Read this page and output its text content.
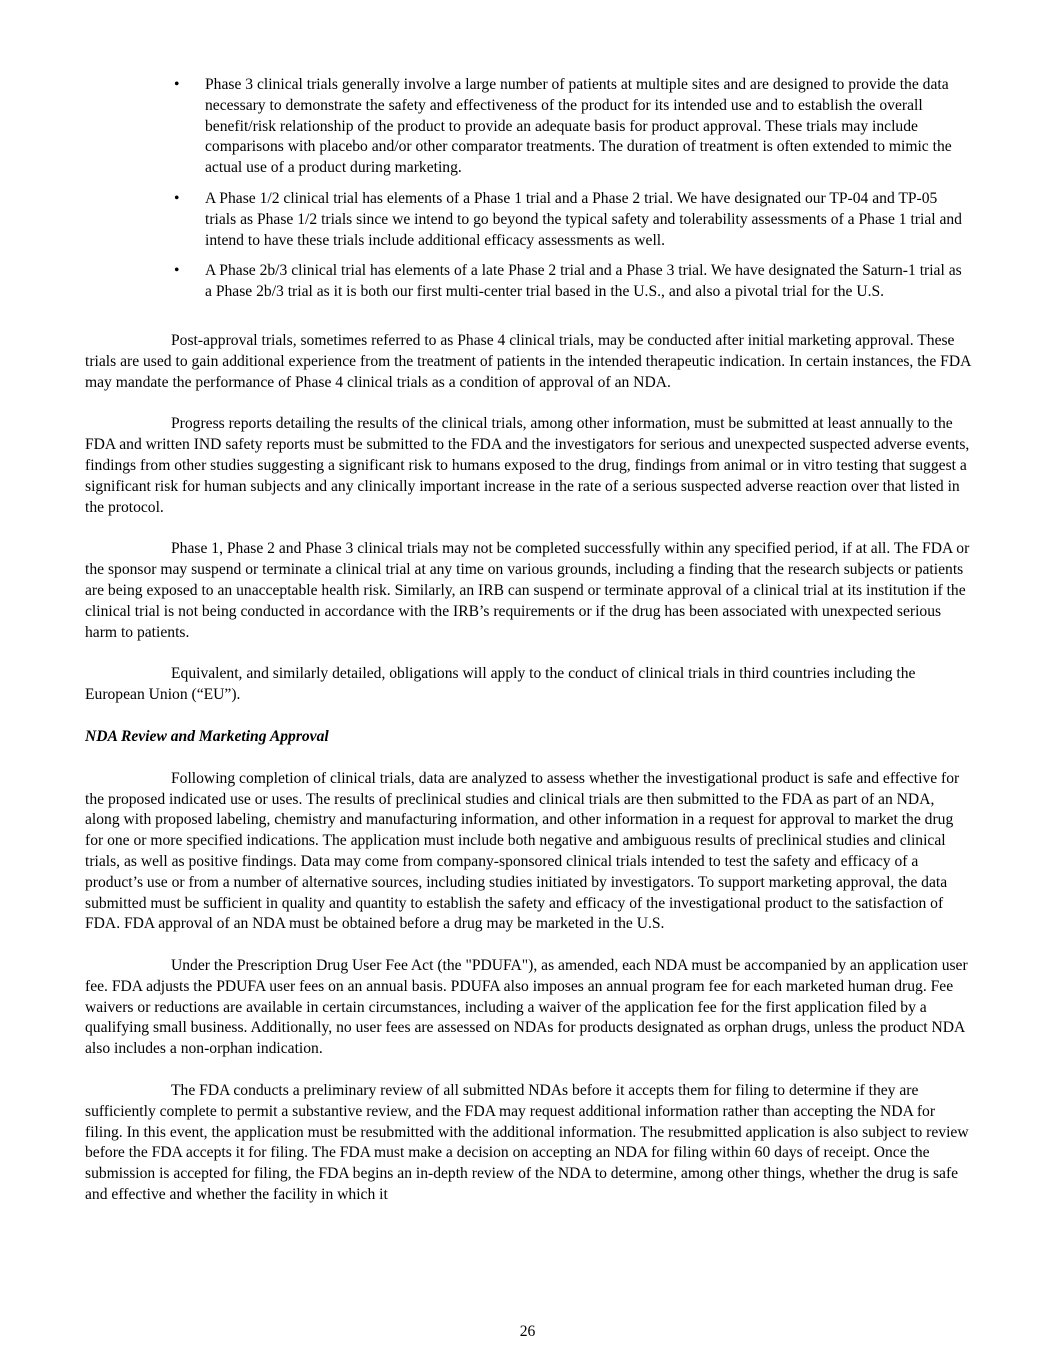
• Phase 3 clinical trials generally involve a large number of patients at multiple sites and are designed to provide the data necessary to demonstrate the safety and effectiveness of the product for its intended use and to establish the overall benefit/risk relationship of the product to provide an adequate basis for product approval. These trials may include comparisons with placebo and/or other comparator treatments. The duration of treatment is often extended to mimic the actual use of a product during marketing.
• A Phase 1/2 clinical trial has elements of a Phase 1 trial and a Phase 2 trial. We have designated our TP-04 and TP-05 trials as Phase 1/2 trials since we intend to go beyond the typical safety and tolerability assessments of a Phase 1 trial and intend to have these trials include additional efficacy assessments as well.
• A Phase 2b/3 clinical trial has elements of a late Phase 2 trial and a Phase 3 trial. We have designated the Saturn-1 trial as a Phase 2b/3 trial as it is both our first multi-center trial based in the U.S., and also a pivotal trial for the U.S.

Post-approval trials, sometimes referred to as Phase 4 clinical trials, may be conducted after initial marketing approval. These trials are used to gain additional experience from the treatment of patients in the intended therapeutic indication. In certain instances, the FDA may mandate the performance of Phase 4 clinical trials as a condition of approval of an NDA.

Progress reports detailing the results of the clinical trials, among other information, must be submitted at least annually to the FDA and written IND safety reports must be submitted to the FDA and the investigators for serious and unexpected suspected adverse events, findings from other studies suggesting a significant risk to humans exposed to the drug, findings from animal or in vitro testing that suggest a significant risk for human subjects and any clinically important increase in the rate of a serious suspected adverse reaction over that listed in the protocol.

Phase 1, Phase 2 and Phase 3 clinical trials may not be completed successfully within any specified period, if at all. The FDA or the sponsor may suspend or terminate a clinical trial at any time on various grounds, including a finding that the research subjects or patients are being exposed to an unacceptable health risk. Similarly, an IRB can suspend or terminate approval of a clinical trial at its institution if the clinical trial is not being conducted in accordance with the IRB’s requirements or if the drug has been associated with unexpected serious harm to patients.

Equivalent, and similarly detailed, obligations will apply to the conduct of clinical trials in third countries including the European Union (“EU”).

NDA Review and Marketing Approval

Following completion of clinical trials, data are analyzed to assess whether the investigational product is safe and effective for the proposed indicated use or uses. The results of preclinical studies and clinical trials are then submitted to the FDA as part of an NDA, along with proposed labeling, chemistry and manufacturing information, and other information in a request for approval to market the drug for one or more specified indications. The application must include both negative and ambiguous results of preclinical studies and clinical trials, as well as positive findings. Data may come from company-sponsored clinical trials intended to test the safety and efficacy of a product’s use or from a number of alternative sources, including studies initiated by investigators. To support marketing approval, the data submitted must be sufficient in quality and quantity to establish the safety and efficacy of the investigational product to the satisfaction of FDA. FDA approval of an NDA must be obtained before a drug may be marketed in the U.S.

Under the Prescription Drug User Fee Act (the "PDUFA"), as amended, each NDA must be accompanied by an application user fee. FDA adjusts the PDUFA user fees on an annual basis. PDUFA also imposes an annual program fee for each marketed human drug. Fee waivers or reductions are available in certain circumstances, including a waiver of the application fee for the first application filed by a qualifying small business. Additionally, no user fees are assessed on NDAs for products designated as orphan drugs, unless the product NDA also includes a non-orphan indication.

The FDA conducts a preliminary review of all submitted NDAs before it accepts them for filing to determine if they are sufficiently complete to permit a substantive review, and the FDA may request additional information rather than accepting the NDA for filing. In this event, the application must be resubmitted with the additional information. The resubmitted application is also subject to review before the FDA accepts it for filing. The FDA must make a decision on accepting an NDA for filing within 60 days of receipt. Once the submission is accepted for filing, the FDA begins an in-depth review of the NDA to determine, among other things, whether the drug is safe and effective and whether the facility in which it

26
